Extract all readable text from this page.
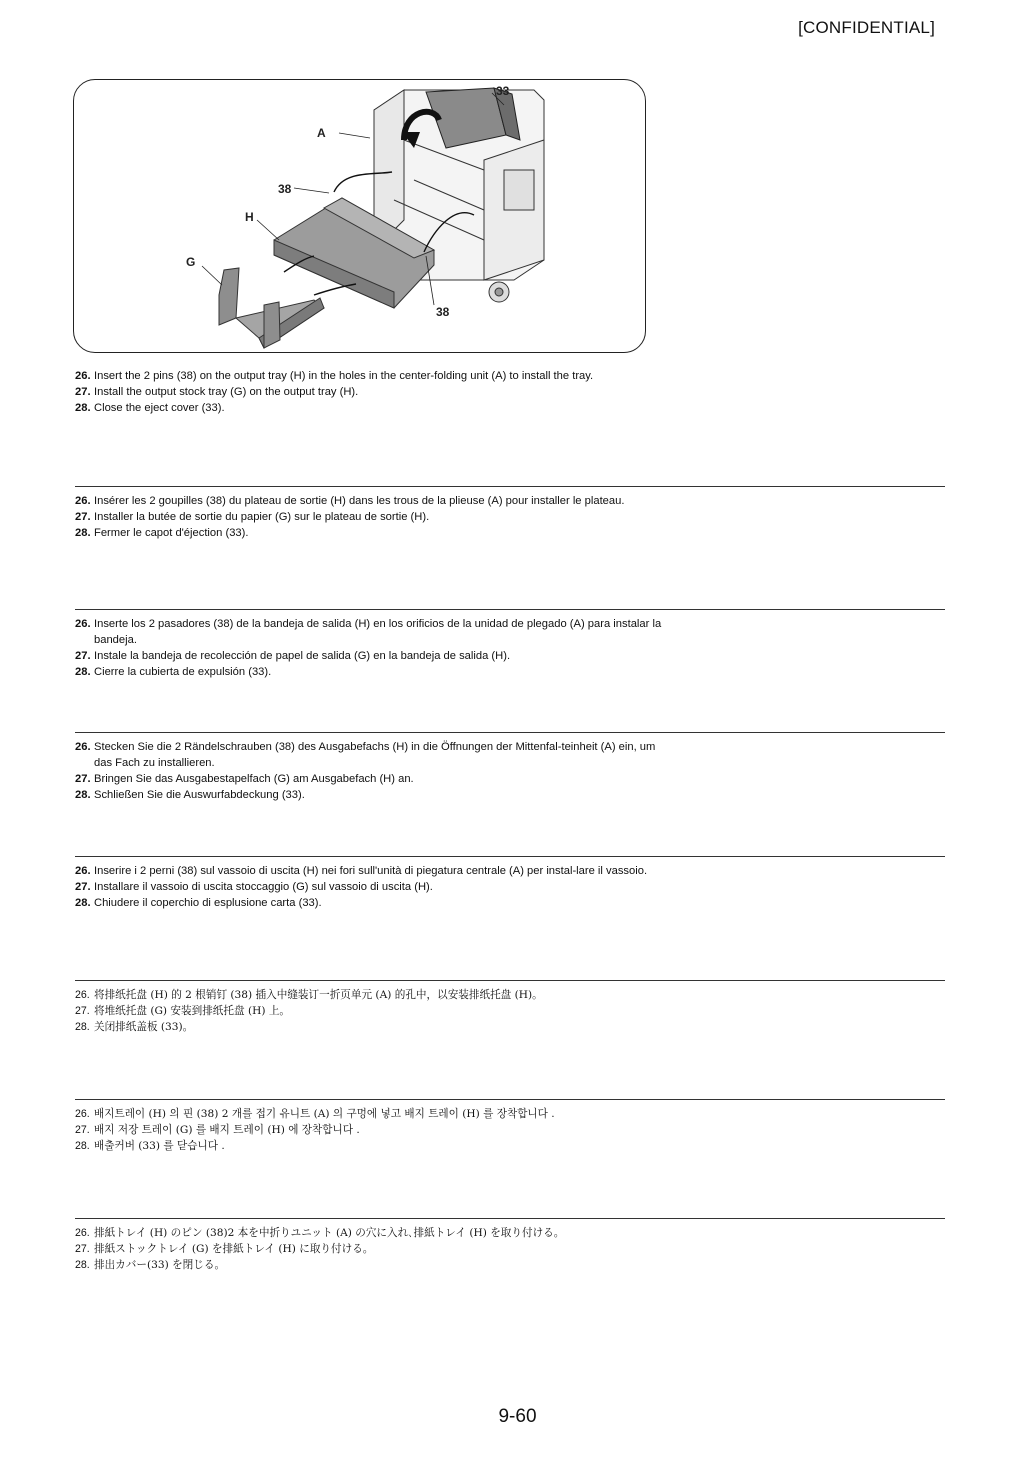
[CONFIDENTIAL]
A
33
38
H
G
38
26. Insert the 2 pins (38) on the output tray (H) in the holes in the center-folding unit (A) to install the tray.
27. Install the output stock tray (G) on the output tray (H).
28. Close the eject cover (33).
26. Insérer les 2 goupilles (38) du plateau de sortie (H) dans les trous de la plieuse (A) pour installer le plateau.
27. Installer la butée de sortie du papier (G) sur le plateau de sortie (H).
28. Fermer le capot d'éjection (33).
26. Inserte los 2 pasadores (38) de la bandeja de salida (H) en los orificios de la unidad de plegado (A) para instalar la bandeja.
27. Instale la bandeja de recolección de papel de salida (G) en la bandeja de salida (H).
28. Cierre la cubierta de expulsión (33).
26. Stecken Sie die 2 Rändelschrauben (38) des Ausgabefachs (H) in die Öffnungen der Mittenfal-teinheit (A) ein, um das Fach zu installieren.
27. Bringen Sie das Ausgabestapelfach (G) am Ausgabefach (H) an.
28. Schließen Sie die Auswurfabdeckung (33).
26. Inserire i 2 perni (38) sul vassoio di uscita (H) nei fori sull'unità di piegatura centrale (A) per instal-lare il vassoio.
27. Installare il vassoio di uscita stoccaggio (G) sul vassoio di uscita (H).
28. Chiudere il coperchio di esplusione carta (33).
26. 将排纸托盘 (H) 的 2 根销钉 (38) 插入中缝装订一折页单元 (A) 的孔中，以安装排纸托盘 (H)。
27. 将堆纸托盘 (G) 安装到排纸托盘 (H) 上。
28. 关闭排纸盖板 (33)。
26. 배지트레이 (H) 의 핀 (38) 2 개를 접기 유니트 (A) 의 구멍에 넣고 배지 트레이 (H) 를 장착합니다 .
27. 배지 저장 트레이 (G) 를 배지 트레이 (H) 에 장착합니다 .
28. 배출커버 (33) 를 닫습니다 .
26. 排紙トレイ (H) のピン (38)2 本を中折りユニット (A) の穴に入れ､排紙トレイ (H) を取り付ける。
27. 排紙ストックトレイ (G) を排紙トレイ (H) に取り付ける。
28. 排出カバー(33) を閉じる。
9-60
